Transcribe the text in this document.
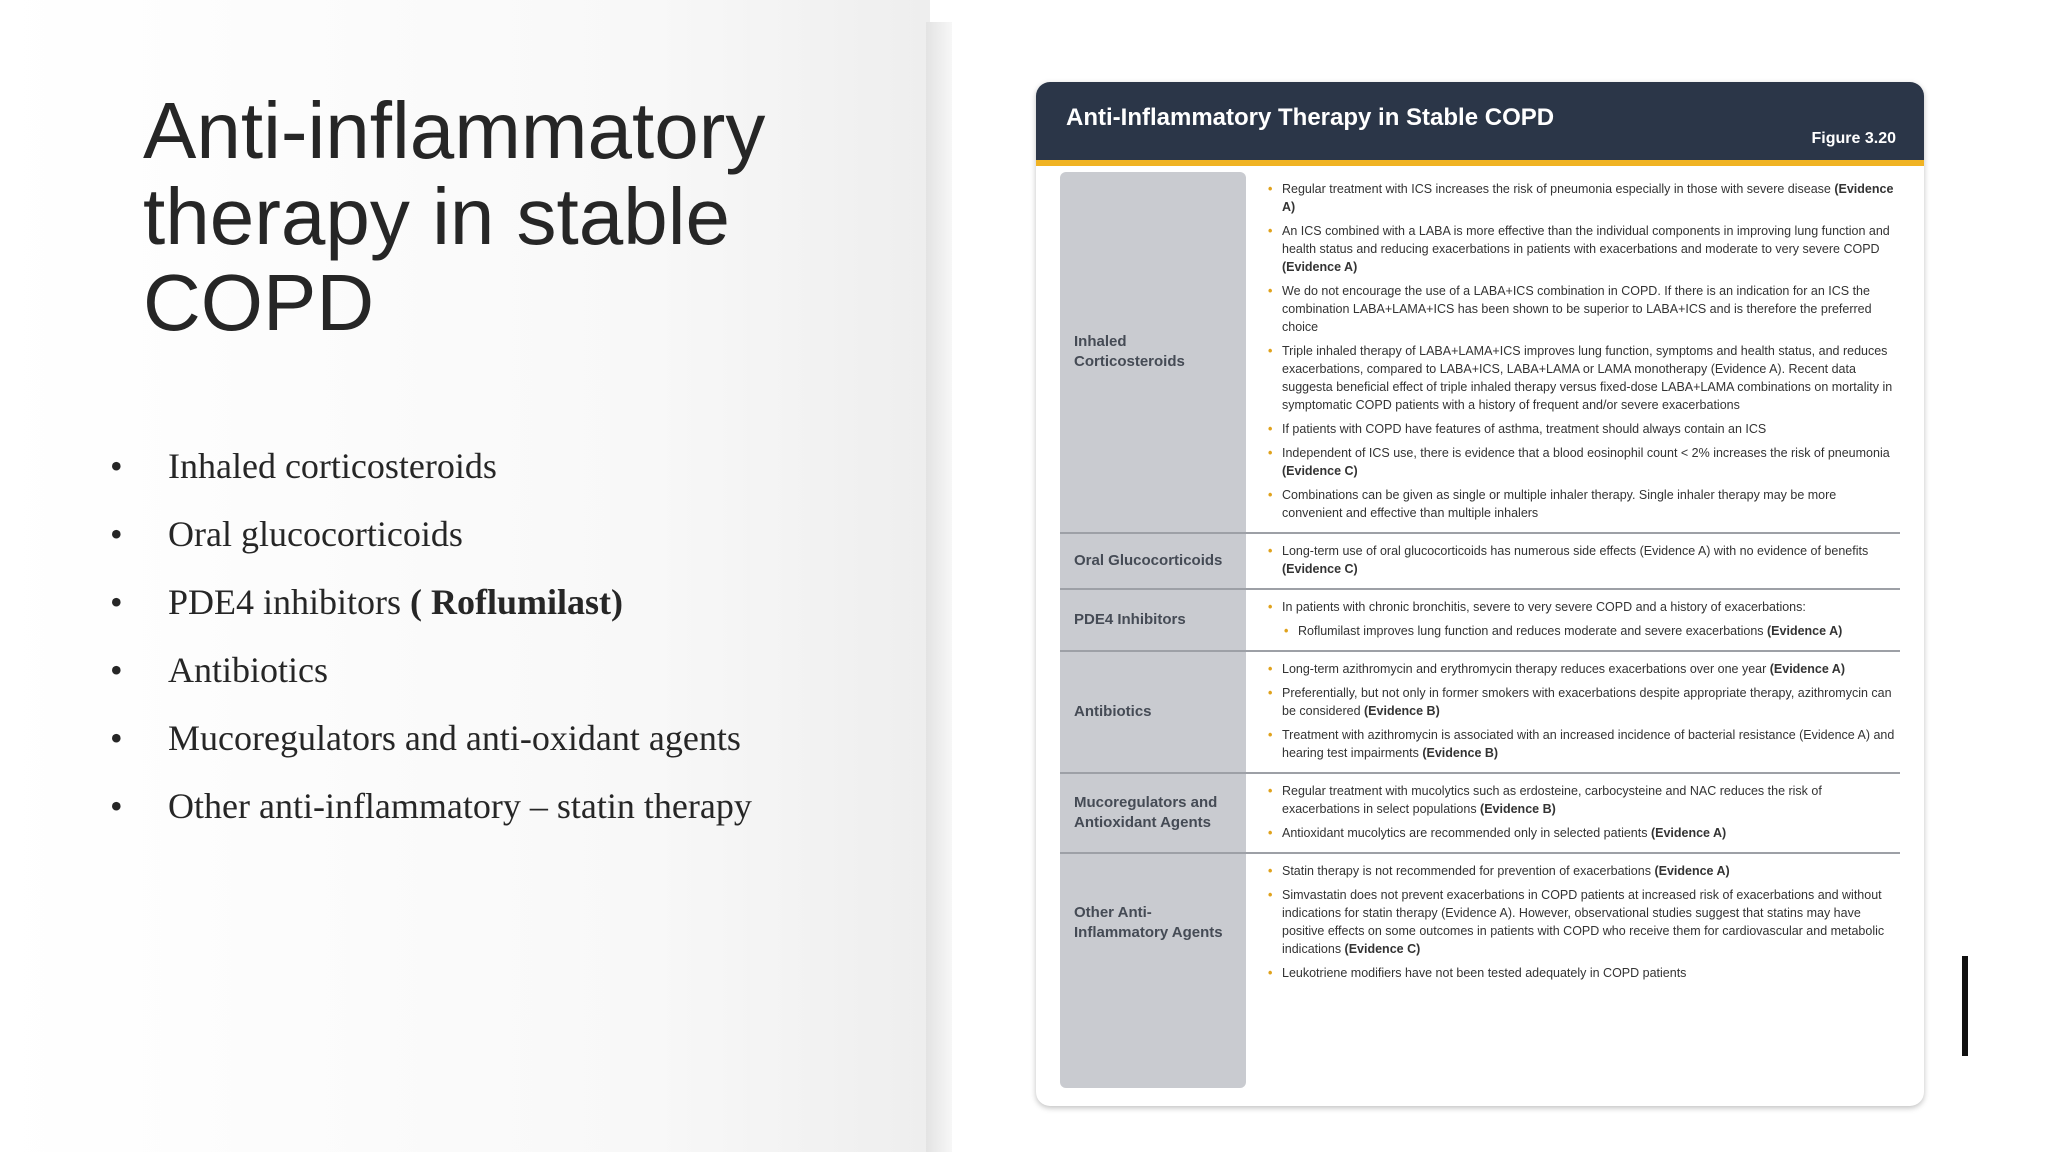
Anti-inflammatory therapy in stable COPD
•	Inhaled corticosteroids
•	Oral glucocorticoids
•	PDE4 inhibitors ( Roflumilast)
•	Antibiotics
•	Mucoregulators and anti-oxidant agents
•	Other anti-inflammatory – statin therapy
Anti-Inflammatory Therapy in Stable COPD
Figure 3.20
Inhaled Corticosteroids
• Regular treatment with ICS increases the risk of pneumonia especially in those with severe disease (Evidence A)
• An ICS combined with a LABA is more effective than the individual components in improving lung function and health status and reducing exacerbations in patients with exacerbations and moderate to very severe COPD (Evidence A)
• We do not encourage the use of a LABA+ICS combination in COPD. If there is an indication for an ICS the combination LABA+LAMA+ICS has been shown to be superior to LABA+ICS and is therefore the preferred choice
• Triple inhaled therapy of LABA+LAMA+ICS improves lung function, symptoms and health status, and reduces exacerbations, compared to LABA+ICS, LABA+LAMA or LAMA monotherapy (Evidence A). Recent data suggesta beneficial effect of triple inhaled therapy versus fixed-dose LABA+LAMA combinations on mortality in symptomatic COPD patients with a history of frequent and/or severe exacerbations
• If patients with COPD have features of asthma, treatment should always contain an ICS
• Independent of ICS use, there is evidence that a blood eosinophil count < 2% increases the risk of pneumonia (Evidence C)
• Combinations can be given as single or multiple inhaler therapy. Single inhaler therapy may be more convenient and effective than multiple inhalers
Oral Glucocorticoids
• Long-term use of oral glucocorticoids has numerous side effects (Evidence A) with no evidence of benefits (Evidence C)
PDE4 Inhibitors
• In patients with chronic bronchitis, severe to very severe COPD and a history of exacerbations:
• Roflumilast improves lung function and reduces moderate and severe exacerbations (Evidence A)
Antibiotics
• Long-term azithromycin and erythromycin therapy reduces exacerbations over one year (Evidence A)
• Preferentially, but not only in former smokers with exacerbations despite appropriate therapy, azithromycin can be considered (Evidence B)
• Treatment with azithromycin is associated with an increased incidence of bacterial resistance (Evidence A) and hearing test impairments (Evidence B)
Mucoregulators and Antioxidant Agents
• Regular treatment with mucolytics such as erdosteine, carbocysteine and NAC reduces the risk of exacerbations in select populations (Evidence B)
• Antioxidant mucolytics are recommended only in selected patients (Evidence A)
Other Anti-Inflammatory Agents
• Statin therapy is not recommended for prevention of exacerbations (Evidence A)
• Simvastatin does not prevent exacerbations in COPD patients at increased risk of exacerbations and without indications for statin therapy (Evidence A). However, observational studies suggest that statins may have positive effects on some outcomes in patients with COPD who receive them for cardiovascular and metabolic indications (Evidence C)
• Leukotriene modifiers have not been tested adequately in COPD patients
